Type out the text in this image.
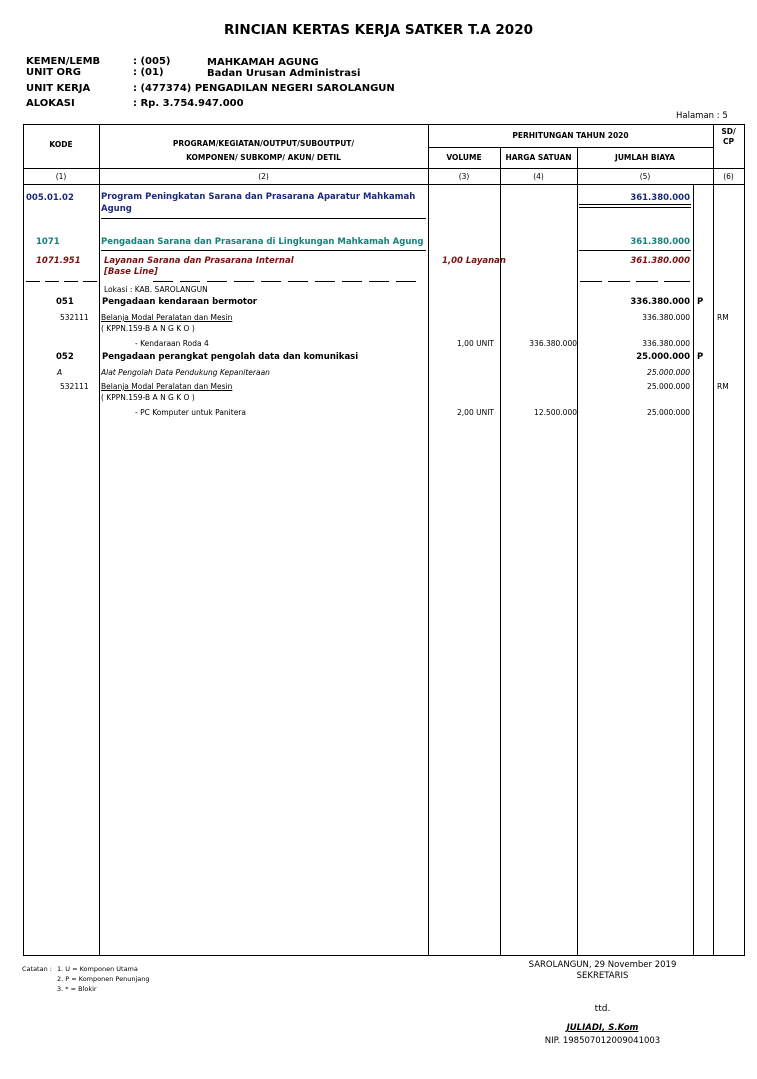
RINCIAN KERTAS KERJA SATKER T.A 2020
KEMEN/LEMB	: (005)	MAHKAMAH AGUNG
UNIT ORG	: (01)	Badan Urusan Administrasi
UNIT KERJA	: (477374) PENGADILAN NEGERI SAROLANGUN
ALOKASI	: Rp. 3.754.947.000
Halaman : 5
KODE	PROGRAM/KEGIATAN/OUTPUT/SUBOUTPUT/
KOMPONEN/ SUBKOMP/ AKUN/ DETIL
PERHITUNGAN TAHUN 2020
VOLUME	HARGA SATUAN	JUMLAH BIAYA
SD/
CP
(1)	(2)	(3)	(4)	(5)	(6)
005.01.02	Program Peningkatan Sarana dan Prasarana Aparatur Mahkamah
Agung
361.380.000
1071	Pengadaan Sarana dan Prasarana di Lingkungan Mahkamah Agung	361.380.000
1071.951	Layanan Sarana dan Prasarana Internal
[Base Line]
1,00 Layanan	361.380.000
Lokasi : KAB. SAROLANGUN
051	Pengadaan kendaraan bermotor	336.380.000 P
532111 Belanja Modal Peralatan dan Mesin	336.380.000	RM
( KPPN.159-B A N G K O )
- Kendaraan Roda 4	1,00 UNIT	336.380.000	336.380.000
052	Pengadaan perangkat pengolah data dan komunikasi	25.000.000 P
A	Alat Pengolah Data Pendukung Kepaniteraan	25.000.000
532111 Belanja Modal Peralatan dan Mesin	25.000.000	RM
( KPPN.159-B A N G K O )
- PC Komputer untuk Panitera	2,00 UNIT	12.500.000	25.000.000
Catatan : 1. U = Komponen Utama
2. P = Komponen Penunjang
3. * = Blokir
SAROLANGUN, 29 November 2019
SEKRETARIS
ttd.
JULIADI, S.Kom
NIP. 198507012009041003
